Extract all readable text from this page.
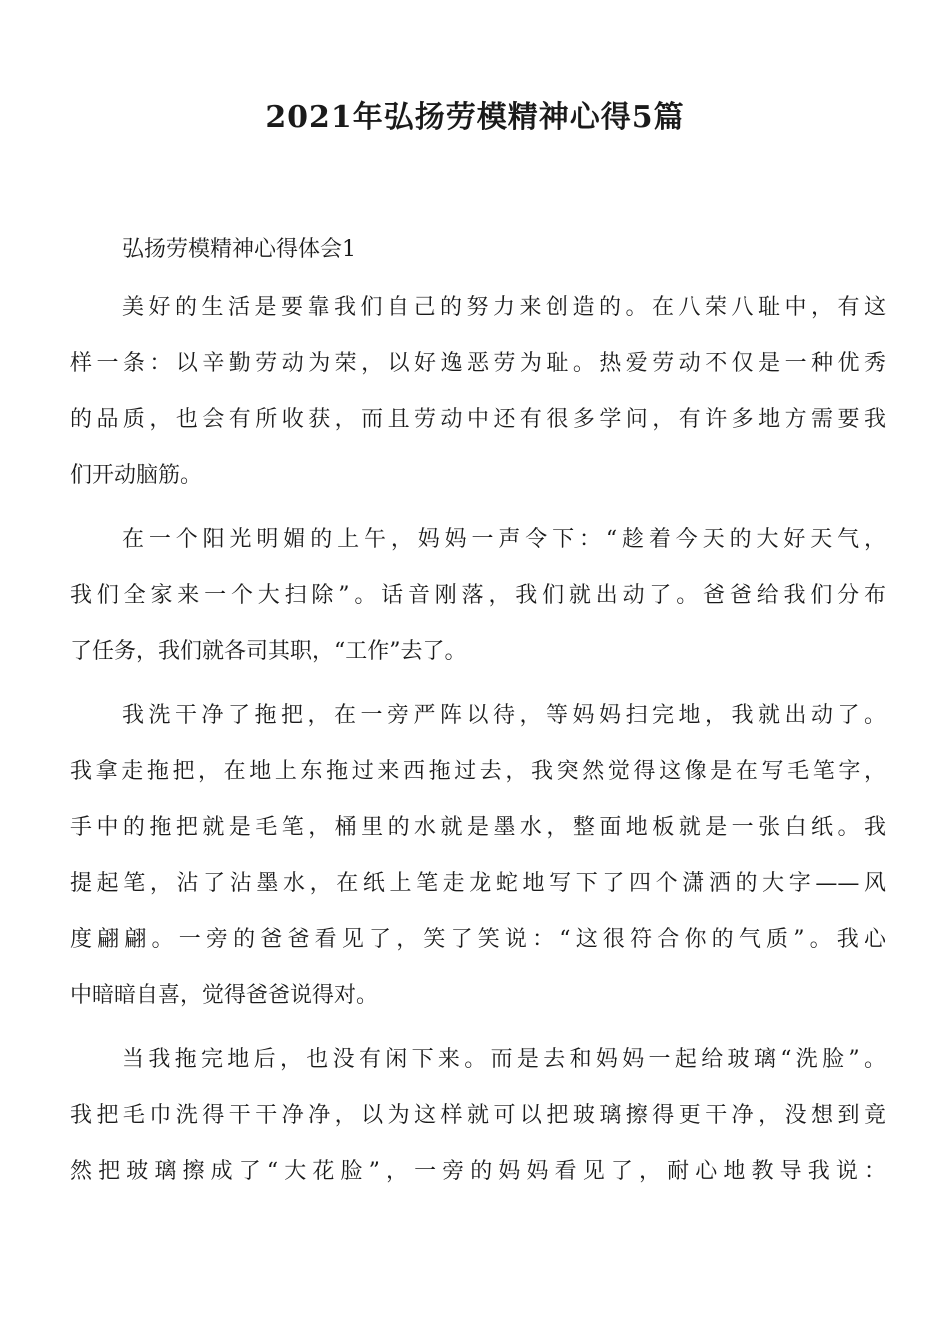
2021年弘扬劳模精神心得5篇
弘扬劳模精神心得体会1
美好的生活是要靠我们自己的努力来创造的。在八荣八耻中，有这
样一条：以辛勤劳动为荣，以好逸恶劳为耻。热爱劳动不仅是一种优秀
的品质，也会有所收获，而且劳动中还有很多学问，有许多地方需要我
们开动脑筋。
在一个阳光明媚的上午，妈妈一声令下：“趁着今天的大好天气，
我们全家来一个大扫除”。话音刚落，我们就出动了。爸爸给我们分布
了任务，我们就各司其职，“工作”去了。
我洗干净了拖把，在一旁严阵以待，等妈妈扫完地，我就出动了。
我拿走拖把，在地上东拖过来西拖过去，我突然觉得这像是在写毛笔字，
手中的拖把就是毛笔，桶里的水就是墨水，整面地板就是一张白纸。我
提起笔，沾了沾墨水，在纸上笔走龙蛇地写下了四个潇洒的大字——风
度翩翩。一旁的爸爸看见了，笑了笑说：“这很符合你的气质”。我心
中暗暗自喜，觉得爸爸说得对。
当我拖完地后，也没有闲下来。而是去和妈妈一起给玻璃“洗脸”。
我把毛巾洗得干干净净，以为这样就可以把玻璃擦得更干净，没想到竟
然把玻璃擦成了“大花脸”，一旁的妈妈看见了，耐心地教导我说：
